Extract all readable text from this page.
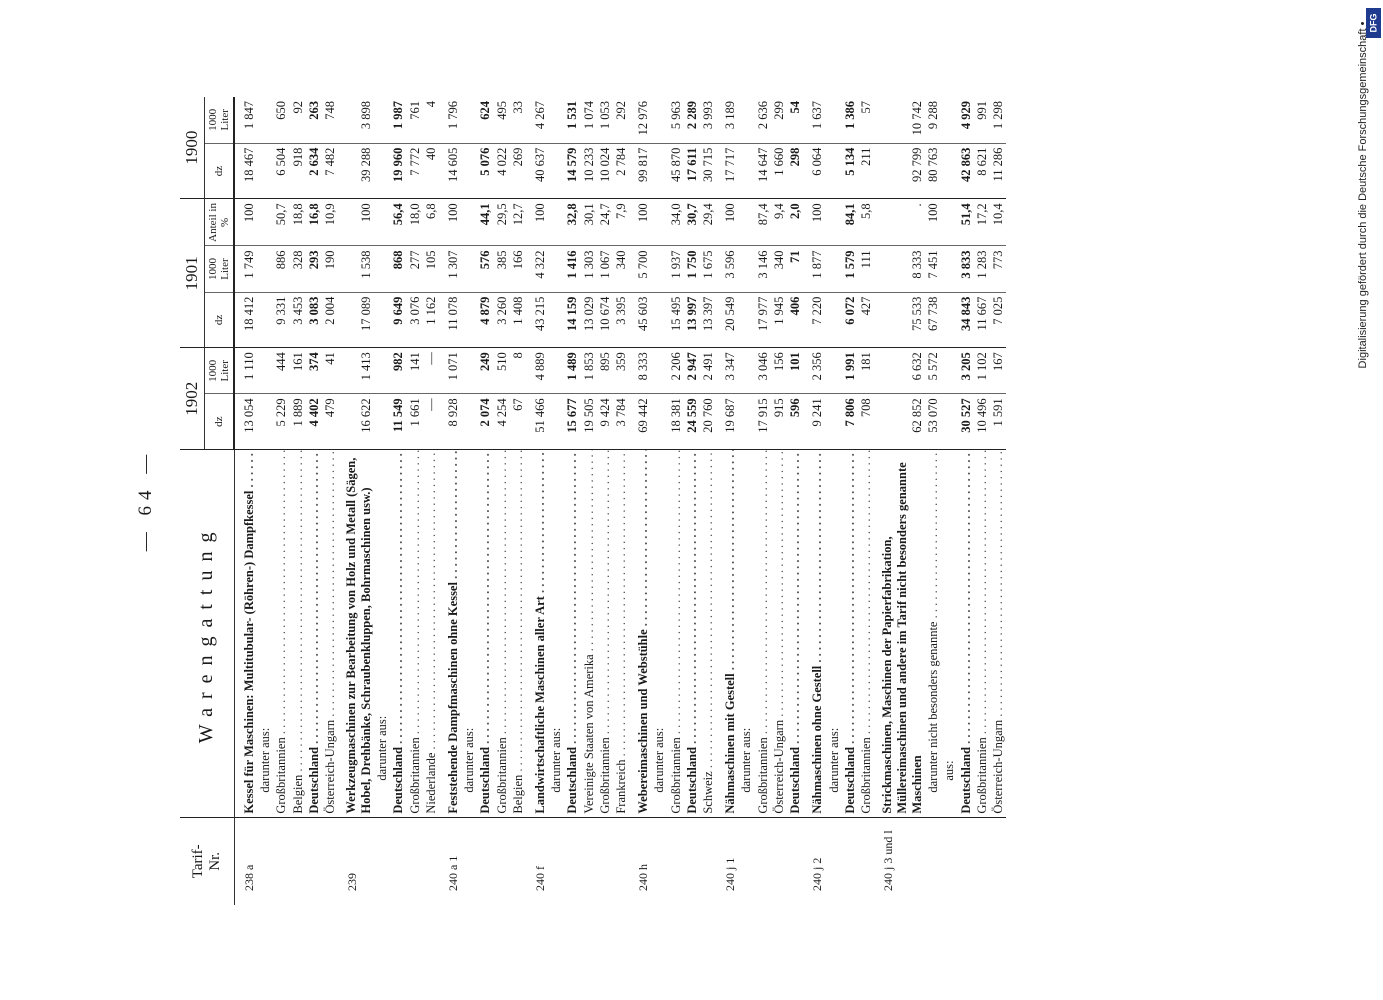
— 64 —
DFG
Digitalisierung gefördert durch die Deutsche Forschungsgemeinschaft •
Tarif-
Nr.	Warengattung	1902		1901			1900	
		dz	1000 Liter	dz	1000 Liter	Anteil in %	dz	1000 Liter
238 a	Kessel für Maschinen: Multitubular- (Röhren-) Dampfkessel . . .	13 054	1 110	18 412	1 749	100	18 467	1 847
	darunter aus:							
	Großbritannien . . .	5 229	444	9 331	886	50,7	6 504	650
	Belgien . . .	1 889	161	3 453	328	18,8	918	92
	Deutschland . . .	4 402	374	3 083	293	16,8	2 634	263
	Österreich-Ungarn . . .	479	41	2 004	190	10,9	7 482	748
239	Werkzeugmaschinen zur Bearbeitung von Holz und Metall (Sägen, Hobel, Drehbänke, Schraubenkluppen, Bohrmaschinen usw.)	16 622	1 413	17 089	1 538	100	39 288	3 898
	darunter aus:							
	Deutschland . . .	11 549	982	9 649	868	56,4	19 960	1 987
	Großbritannien . . .	1 661	141	3 076	277	18,0	7 772	761
	Niederlande . . .	—	—	1 162	105	6,8	40	4
240 a 1	Feststehende Dampfmaschinen ohne Kessel . . .	8 928	1 071	11 078	1 307	100	14 605	1 796
	darunter aus:							
	Deutschland . . .	2 074	249	4 879	576	44,1	5 076	624
	Großbritannien . . .	4 254	510	3 260	385	29,5	4 022	495
	Belgien . . .	67	8	1 408	166	12,7	269	33
240 f	Landwirtschaftliche Maschinen aller Art . . .	51 466	4 889	43 215	4 322	100	40 637	4 267
	darunter aus:							
	Deutschland . . .	15 677	1 489	14 159	1 416	32,8	14 579	1 531
	Vereinigte Staaten von Amerika . . .	19 505	1 853	13 029	1 303	30,1	10 233	1 074
	Großbritannien . . .	9 424	895	10 674	1 067	24,7	10 024	1 053
	Frankreich . . .	3 784	359	3 395	340	7,9	2 784	292
240 h	Webereimaschinen und Webstühle . . .	69 442	8 333	45 603	5 700	100	99 817	12 976
	darunter aus:							
	Großbritannien . . .	18 381	2 206	15 495	1 937	34,0	45 870	5 963
	Deutschland . . .	24 559	2 947	13 997	1 750	30,7	17 611	2 289
	Schweiz . . .	20 760	2 491	13 397	1 675	29,4	30 715	3 993
240 j 1	Nähmaschinen mit Gestell . . .	19 687	3 347	20 549	3 596	100	17 717	3 189
	darunter aus:							
	Großbritannien . . .	17 915	3 046	17 977	3 146	87,4	14 647	2 636
	Österreich-Ungarn . . .	915	156	1 945	340	9,4	1 660	299
	Deutschland . . .	596	101	406	71	2,0	298	54
240 j 2	Nähmaschinen ohne Gestell . . .	9 241	2 356	7 220	1 877	100	6 064	1 637
	darunter aus:							
	Deutschland . . .	7 806	1 991	6 072	1 579	84,1	5 134	1 386
	Großbritannien . . .	708	181	427	111	5,8	211	57
240 j 3 und l	Strickmaschinen, Maschinen der Papierfabrikation, Müllereimaschinen und andere im Tarif nicht besonders genannte Maschinen	62 852	6 632	75 533	8 333	.	92 799	10 742
	darunter nicht besonders genannte . . .	53 070	5 572	67 738	7 451	100	80 763	9 288
	aus:							
	Deutschland . . .	30 527	3 205	34 843	3 833	51,4	42 863	4 929
	Großbritannien . . .	10 496	1 102	11 667	1 283	17,2	8 621	991
	Österreich-Ungarn . . .	1 591	167	7 025	773	10,4	11 286	1 298
